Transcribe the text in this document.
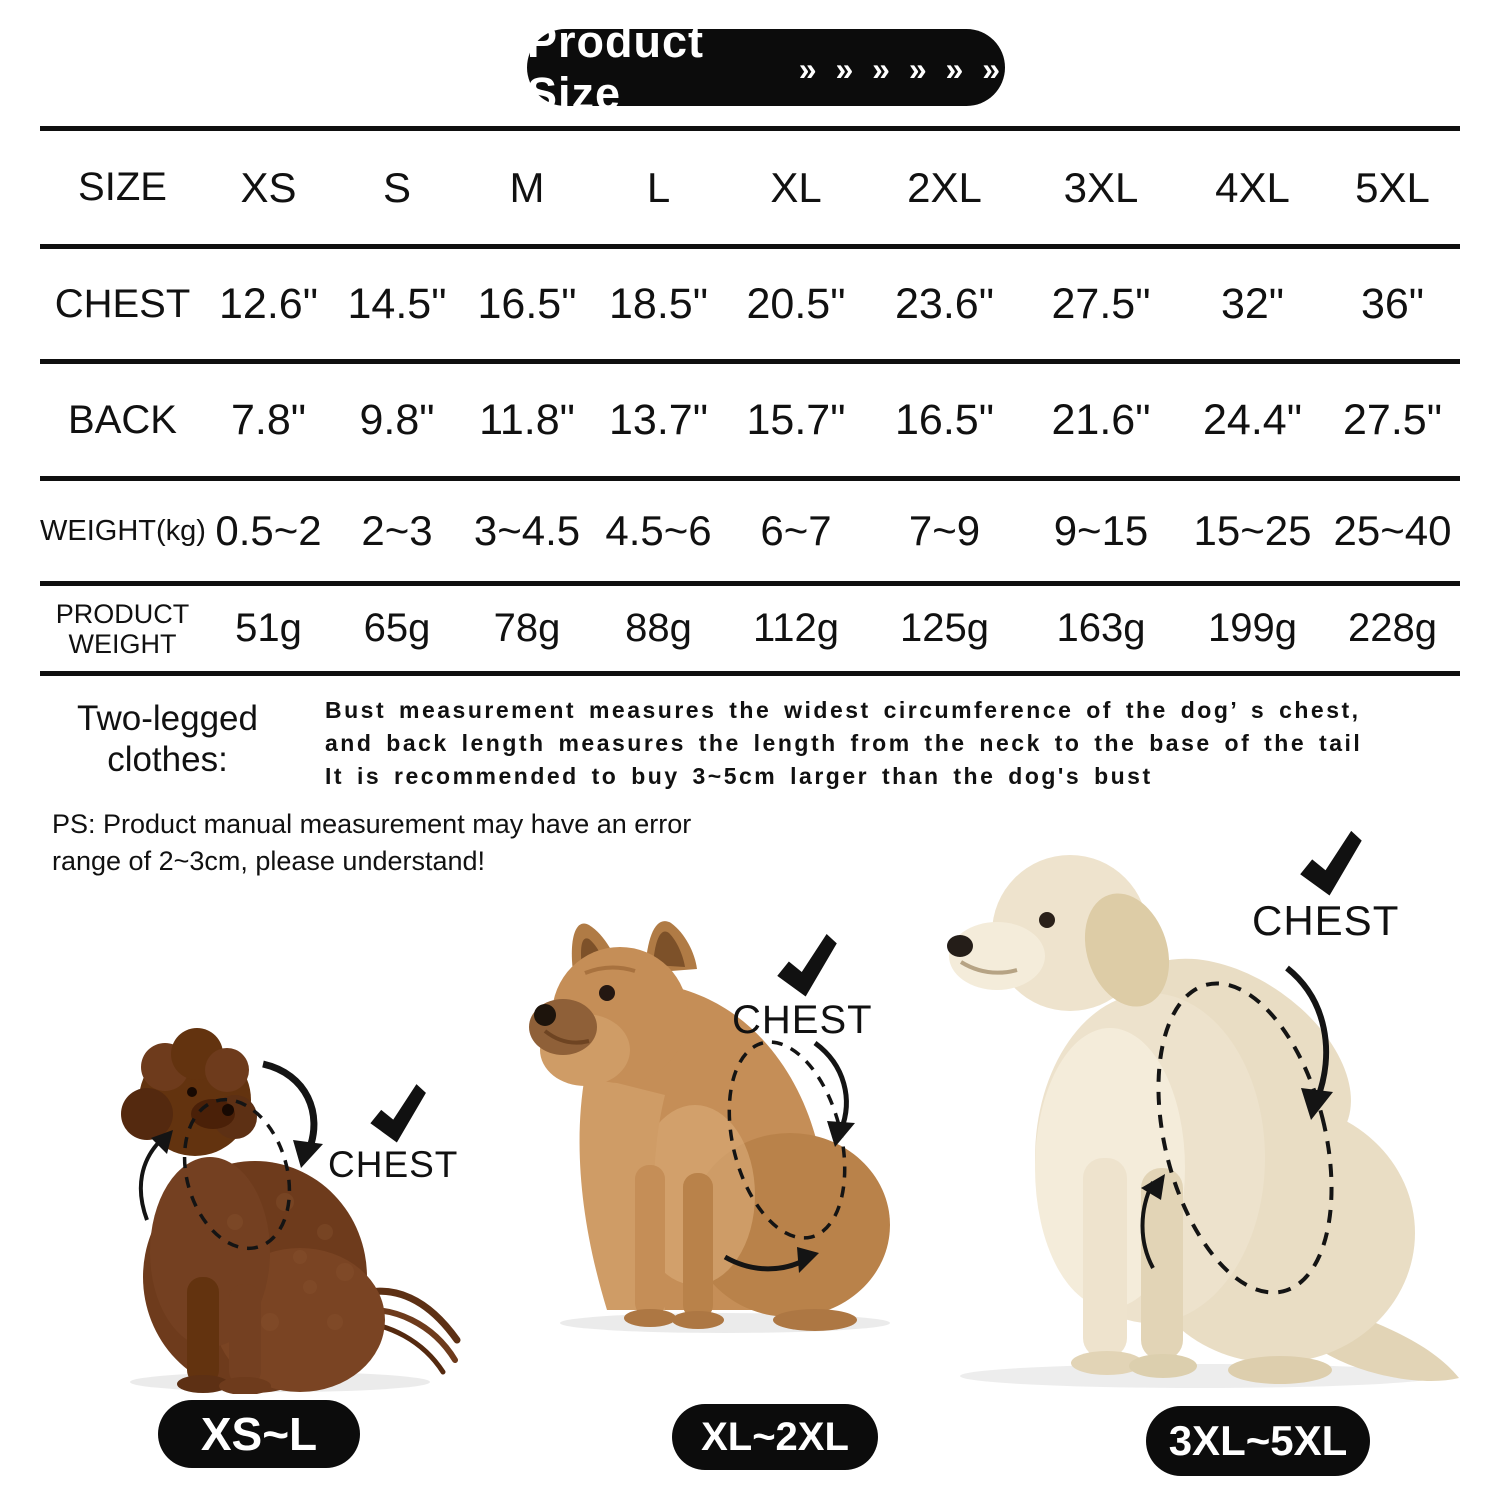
Product Size	» » » » » »
SIZE	XS	S	M	L	XL	2XL	3XL	4XL	5XL
CHEST 12.6" 14.5" 16.5" 18.5" 20.5"	23.6"	27.5"	32"	36"
BACK	7.8"	9.8"	11.8" 13.7" 15.7"	16.5"	21.6"	24.4" 27.5"
WEIGHT(kg) 0.5~2 2~3 3~4.5 4.5~6	6~7	7~9	9~15	15~25 25~40
PRODUCT WEIGHT	51g	65g	78g	88g	112g	125g	163g	199g	228g
Two-legged clothes:
Bust measurement measures the widest circumference of the dog’ s chest,
and back length measures the length from the neck to the base of the tail
It is recommended to buy 3~5cm larger than the dog's bust
PS: Product manual measurement may have an error range of 2~3cm, please understand!
CHEST
CHEST
CHEST
XS~L	XL~2XL	3XL~5XL
